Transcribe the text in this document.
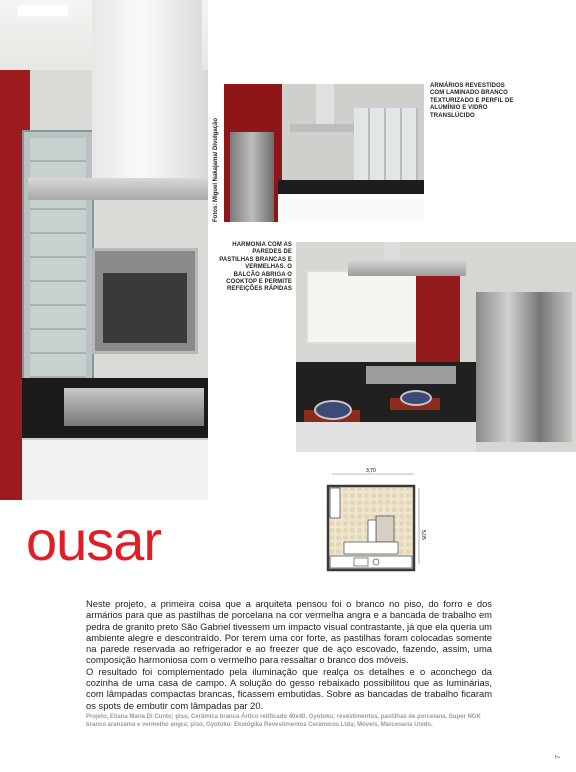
Fotos: Miguel Nakajama/ Divulgação
ARMÁRIOS REVESTIDOS COM LAMINADO BRANCO TEXTURIZADO E PERFIL DE ALUMÍNIO E VIDRO TRANSLÚCIDO
HARMONIA COM AS PAREDES DE PASTILHAS BRANCAS E VERMELHAS. O BALCÃO ABRIGA O COOKTOP E PERMITE REFEIÇÕES RÁPIDAS
3,70
5,05
ousar

Neste projeto, a primeira coisa que a arquiteta pensou foi o branco no piso, do forro e dos armários para que as pastilhas de porcelana na cor vermelha angra e a bancada de trabalho em pedra de granito preto São Gabriel tivessem um impacto visual contrastante, já que ela queria um ambiente alegre e descontraído. Por terem uma cor forte, as pastilhas foram colocadas somente na parede reservada ao refrigerador e ao freezer que de aço escovado, fazendo, assim, uma composição harmoniosa com o vermelho para ressaltar o branco dos móveis.

O resultado foi complementado pela iluminação que realça os detalhes e o aconchego da cozinha de uma casa de campo. A solução do gesso rebaixado possibilitou que as luminárias, com lâmpadas compactas brancas, ficassem embutidas. Sobre as bancadas de trabalho ficaram os spots de embutir com lâmpadas par 20.

Projeto, Eliana Maria Di Cunto; piso, Cerâmica branca Ártico retificado 40x40, Gyotoku; revestimentos, pastilhas de porcelana, Super NGK branco aranzama e vermelho angra; piso, Gyotoku- Ekológika Revestimentos Cerâmicos Ltda; Móveis, Marcenaria Unido.
7
